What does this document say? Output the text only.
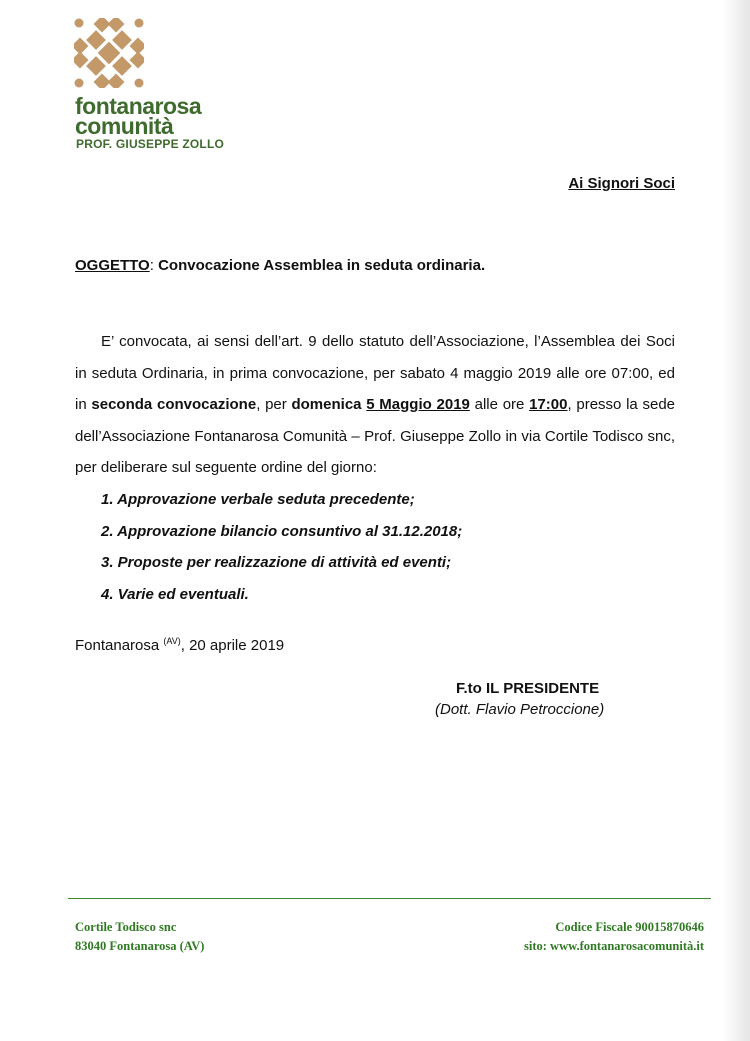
fontanarosa
comunità
PROF. GIUSEPPE ZOLLO
Ai Signori Soci
OGGETTO: Convocazione Assemblea in seduta ordinaria.
E’ convocata, ai sensi dell’art. 9 dello statuto dell’Associazione, l’Assemblea dei Soci in seduta Ordinaria, in prima convocazione, per sabato 4 maggio 2019 alle ore 07:00, ed in seconda convocazione, per domenica 5 Maggio 2019 alle ore 17:00, presso la sede dell’Associazione Fontanarosa Comunità – Prof. Giuseppe Zollo in via Cortile Todisco snc, per deliberare sul seguente ordine del giorno:
1. Approvazione verbale seduta precedente;
2. Approvazione bilancio consuntivo al 31.12.2018;
3. Proposte per realizzazione di attività ed eventi;
4. Varie ed eventuali.
Fontanarosa $^{(AV)}$, 20 aprile 2019
F.to IL PRESIDENTE
(Dott. Flavio Petroccione)
Cortile Todisco snc
83040 Fontanarosa (AV)
Codice Fiscale 90015870646
sito: www.fontanarosacomunità.it
